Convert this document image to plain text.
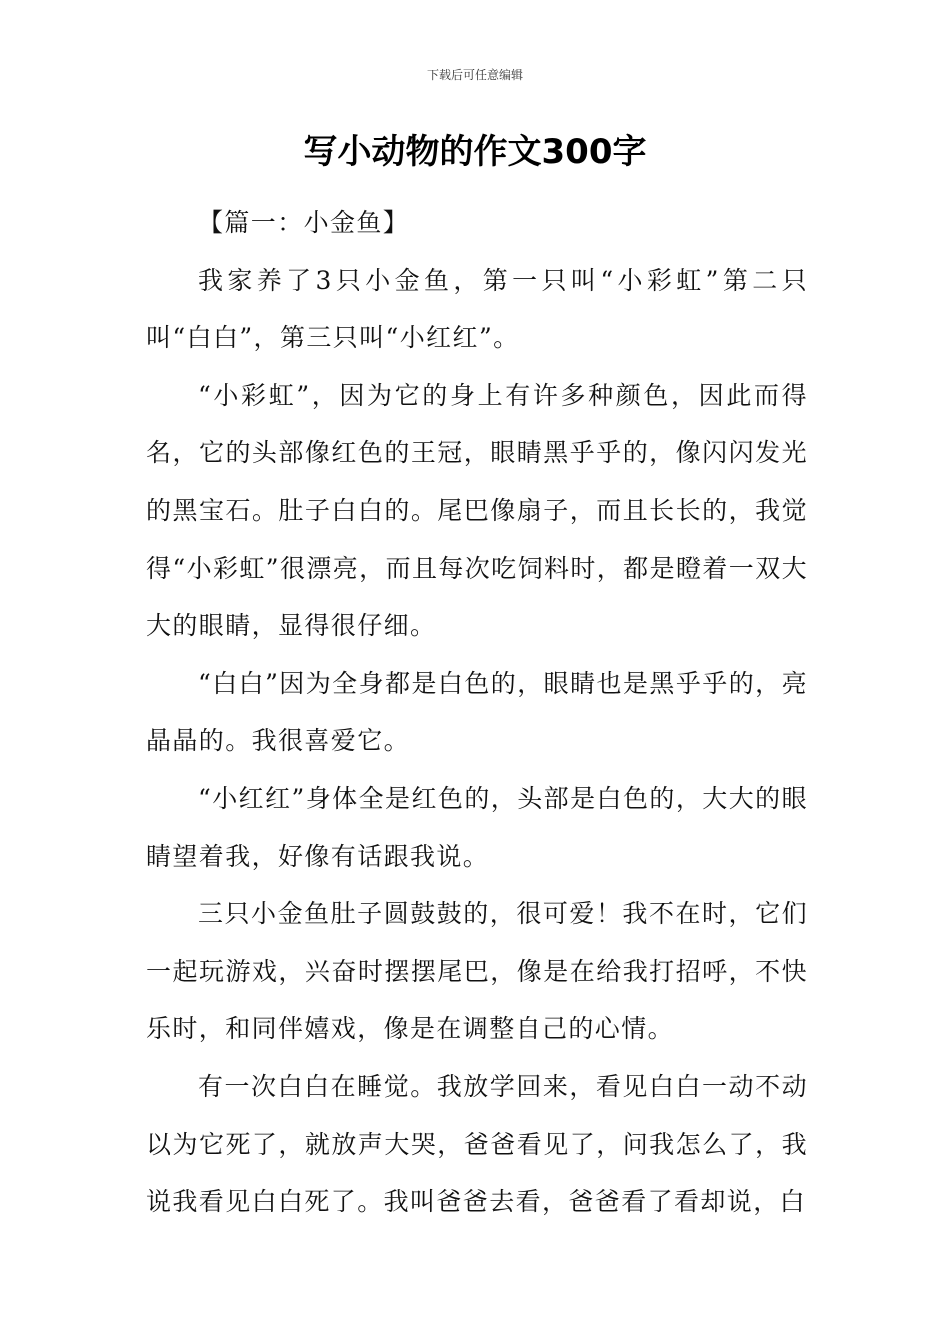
下载后可任意编辑
写小动物的作文300字

【篇一：小金鱼】

我家养了3只小金鱼，第一只叫“小彩虹”第二只叫“白白”，第三只叫“小红红”。

“小彩虹”，因为它的身上有许多种颜色，因此而得名，它的头部像红色的王冠，眼睛黑乎乎的，像闪闪发光的黑宝石。肚子白白的。尾巴像扇子，而且长长的，我觉得“小彩虹”很漂亮，而且每次吃饲料时，都是瞪着一双大大的眼睛，显得很仔细。

“白白”因为全身都是白色的，眼睛也是黑乎乎的，亮晶晶的。我很喜爱它。

“小红红”身体全是红色的，头部是白色的，大大的眼睛望着我，好像有话跟我说。

三只小金鱼肚子圆鼓鼓的，很可爱！我不在时，它们一起玩游戏，兴奋时摆摆尾巴，像是在给我打招呼，不快乐时，和同伴嬉戏，像是在调整自己的心情。

有一次白白在睡觉。我放学回来，看见白白一动不动以为它死了，就放声大哭，爸爸看见了，问我怎么了，我说我看见白白死了。我叫爸爸去看，爸爸看了看却说，白
